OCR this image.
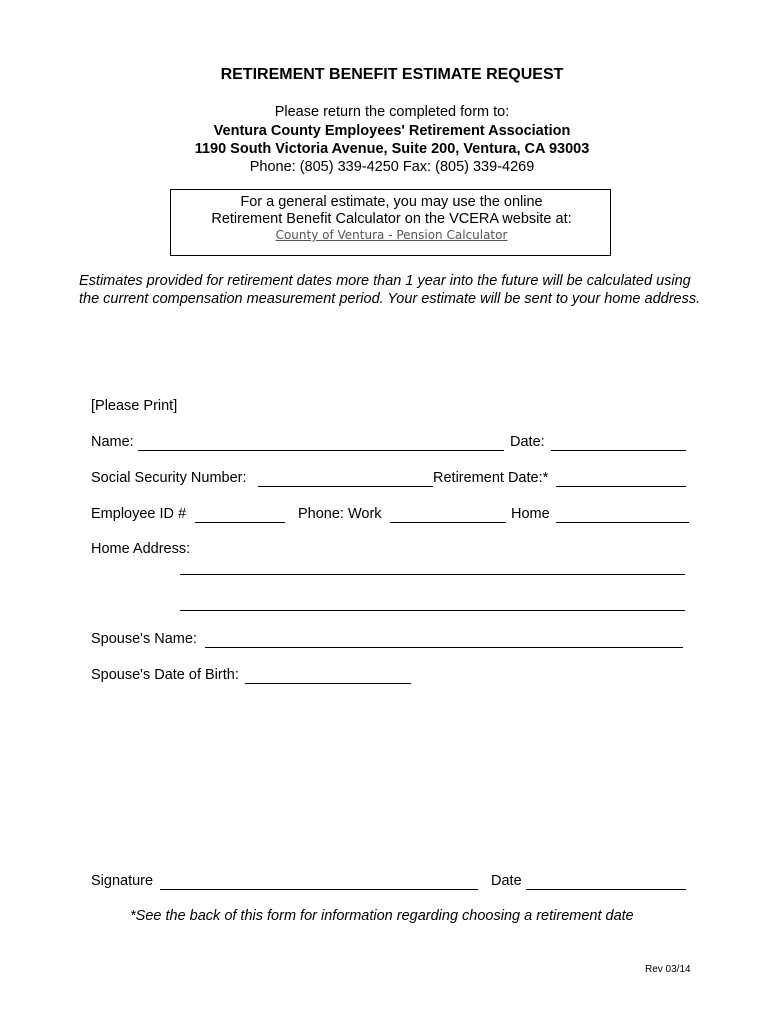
RETIREMENT BENEFIT ESTIMATE REQUEST
Please return the completed form to:
Ventura County Employees' Retirement Association
1190 South Victoria Avenue, Suite 200, Ventura, CA 93003
Phone: (805) 339-4250 Fax: (805) 339-4269
For a general estimate, you may use the online
Retirement Benefit Calculator on the VCERA website at:
County of Ventura - Pension Calculator
Estimates provided for retirement dates more than 1 year into the future will be calculated using
the current compensation measurement period. Your estimate will be sent to your home address.
[Please Print]
Name:	Date:
Social Security Number:	Retirement Date:*
Employee ID #	Phone: Work	Home
Home Address:
Spouse's Name:
Spouse's Date of Birth:
Signature	Date
*See the back of this form for information regarding choosing a retirement date
Rev 03/14
